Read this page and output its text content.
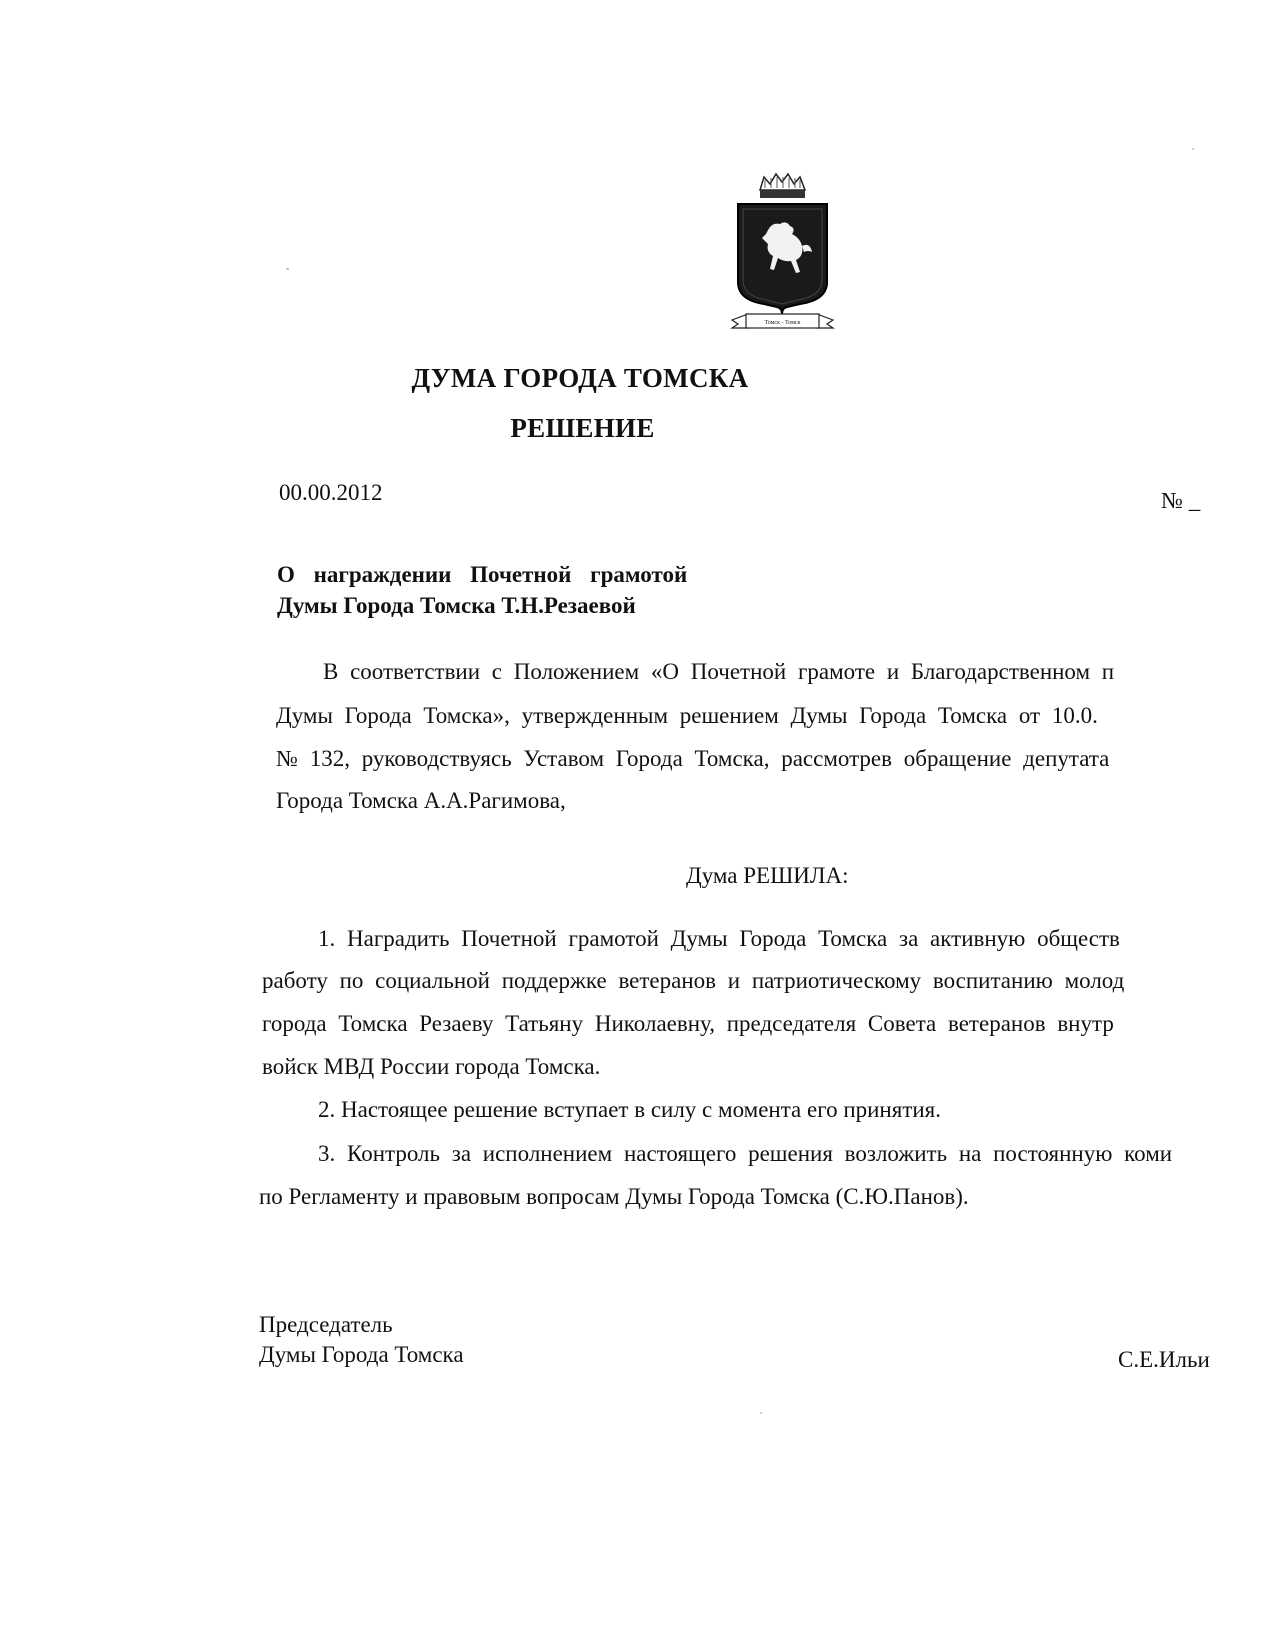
Томск - Томск
ДУМА ГОРОДА ТОМСКА
РЕШЕНИЕ
00.00.2012	№ _
О награждении Почетной грамотой
Думы Города Томска Т.Н.Резаевой
В соответствии с Положением «О Почетной грамоте и Благодарственном п
Думы Города Томска», утвержденным решением Думы Города Томска от 10.0.
№ 132, руководствуясь Уставом Города Томска, рассмотрев обращение депутата
Города Томска А.А.Рагимова,
Дума РЕШИЛА:
1. Наградить Почетной грамотой Думы Города Томска за активную обществ
работу по социальной поддержке ветеранов и патриотическому воспитанию молод
города Томска Резаеву Татьяну Николаевну, председателя Совета ветеранов внутр
войск МВД России города Томска.
2. Настоящее решение вступает в силу с момента его принятия.
3. Контроль за исполнением настоящего решения возложить на постоянную коми
по Регламенту и правовым вопросам Думы Города Томска (С.Ю.Панов).
Председатель
Думы Города Томска	С.Е.Ильи
